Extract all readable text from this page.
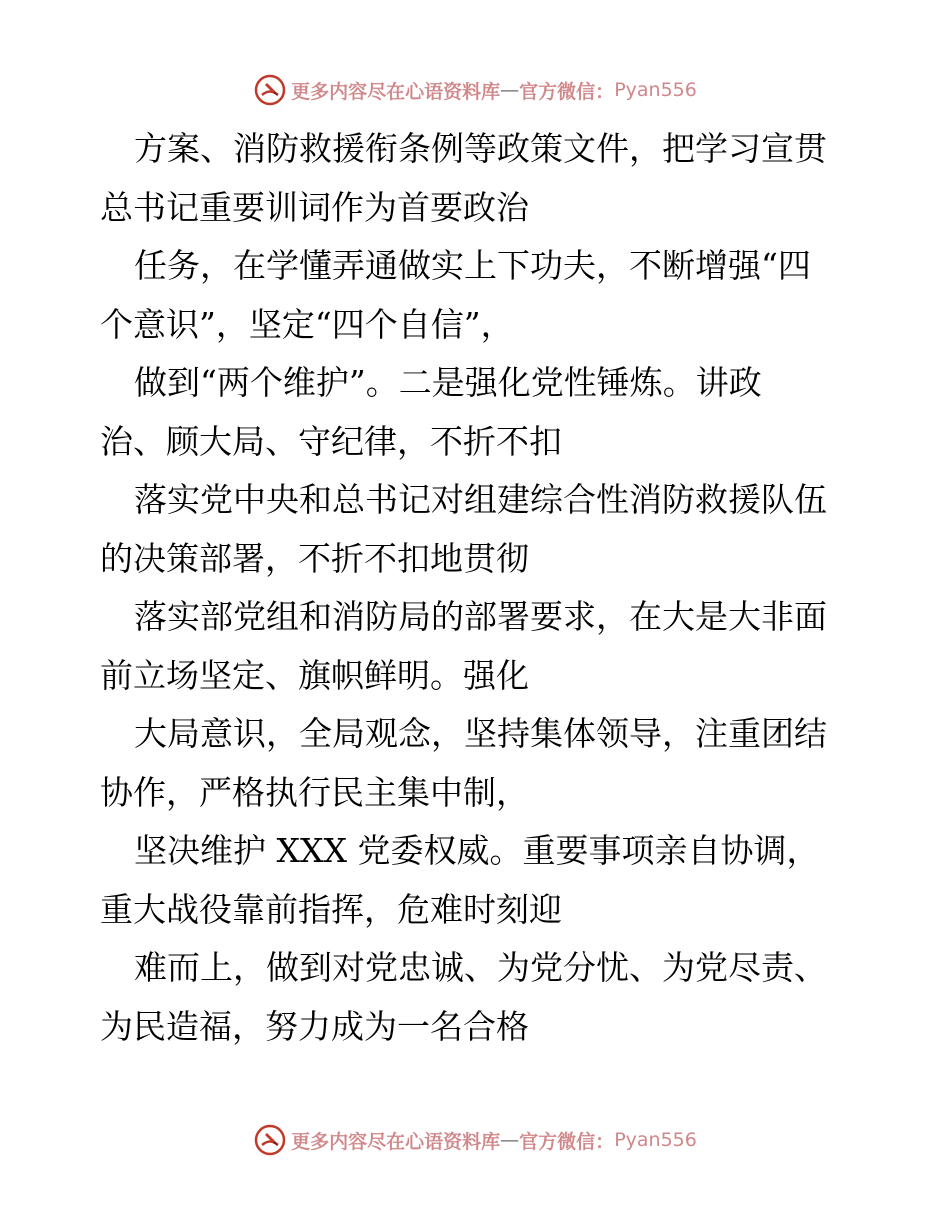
更多内容尽在心语资料库 — 官方微信： Pyan556
方案、消防救援衔条例等政策文件，把学习宣贯
总书记重要训词作为首要政治
任务，在学懂弄通做实上下功夫，不断增强“四
个意识”，坚定“四个自信”，
做到“两个维护”。二是强化党性锤炼。讲政
治、顾大局、守纪律，不折不扣
落实党中央和总书记对组建综合性消防救援队伍
的决策部署，不折不扣地贯彻
落实部党组和消防局的部署要求，在大是大非面
前立场坚定、旗帜鲜明。强化
大局意识，全局观念，坚持集体领导，注重团结
协作，严格执行民主集中制，
坚决维护 XXX 党委权威。重要事项亲自协调，
重大战役靠前指挥，危难时刻迎
难而上，做到对党忠诚、为党分忧、为党尽责、
为民造福，努力成为一名合格
更多内容尽在心语资料库 — 官方微信： Pyan556
